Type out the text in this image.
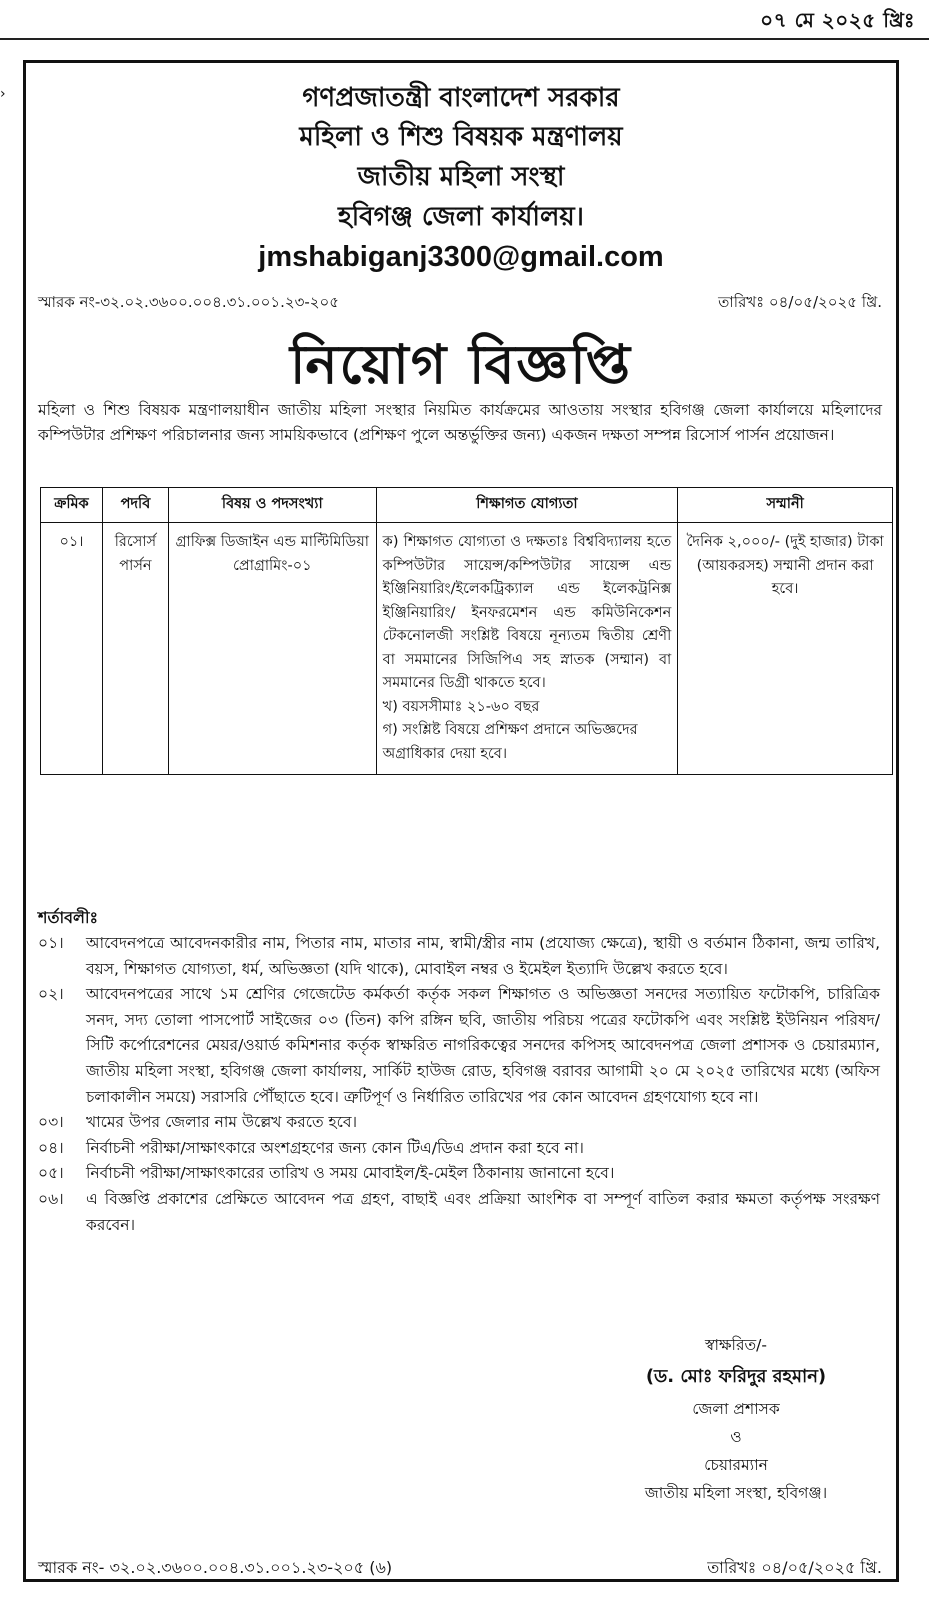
০৭ মে ২০২৫ খ্রিঃ
›	গণপ্রজাতন্ত্রী বাংলাদেশ সরকার
মহিলা ও শিশু বিষয়ক মন্ত্রণালয়
জাতীয় মহিলা সংস্থা
হবিগঞ্জ জেলা কার্যালয়।
jmshabiganj3300@gmail.com
স্মারক নং-৩২.০২.৩৬০০.০০৪.৩১.০০১.২৩-২০৫	তারিখঃ ০৪/০৫/২০২৫ খ্রি.
নিয়োগ বিজ্ঞপ্তি
মহিলা ও শিশু বিষয়ক মন্ত্রণালয়াধীন জাতীয় মহিলা সংস্থার নিয়মিত কার্যক্রমের আওতায় সংস্থার হবিগঞ্জ জেলা কার্যালয়ে মহিলাদের কম্পিউটার প্রশিক্ষণ পরিচালনার জন্য সাময়িকভাবে (প্রশিক্ষণ পুলে অন্তর্ভুক্তির জন্য) একজন দক্ষতা সম্পন্ন রিসোর্স পার্সন প্রয়োজন।
ক্রমিক	পদবি	বিষয় ও পদসংখ্যা	শিক্ষাগত যোগ্যতা	সম্মানী
০১।	রিসোর্স পার্সন	গ্রাফিক্স ডিজাইন এন্ড মাল্টিমিডিয়া প্রোগ্রামিং-০১	ক) শিক্ষাগত যোগ্যতা ও দক্ষতাঃ বিশ্ববিদ্যালয় হতে কম্পিউটার সায়েন্স/কম্পিউটার সায়েন্স এন্ড ইঞ্জিনিয়ারিং/ইলেকট্রিক্যাল এন্ড ইলেকট্রনিক্স ইঞ্জিনিয়ারিং/ ইনফরমেশন এন্ড কমিউনিকেশন টেকনোলজী সংশ্লিষ্ট বিষয়ে নূন্যতম দ্বিতীয় শ্রেণী বা সমমানের সিজিপিএ সহ স্নাতক (সম্মান) বা সমমানের ডিগ্রী থাকতে হবে।
খ) বয়সসীমাঃ ২১-৬০ বছর
গ) সংশ্লিষ্ট বিষয়ে প্রশিক্ষণ প্রদানে অভিজ্ঞদের অগ্রাধিকার দেয়া হবে।	দৈনিক ২,০০০/- (দুই হাজার) টাকা (আয়করসহ) সম্মানী প্রদান করা হবে।
শর্তাবলীঃ
০১।	আবেদনপত্রে আবেদনকারীর নাম, পিতার নাম, মাতার নাম, স্বামী/স্ত্রীর নাম (প্রযোজ্য ক্ষেত্রে), স্থায়ী ও বর্তমান ঠিকানা, জন্ম তারিখ, বয়স, শিক্ষাগত যোগ্যতা, ধর্ম, অভিজ্ঞতা (যদি থাকে), মোবাইল নম্বর ও ইমেইল ইত্যাদি উল্লেখ করতে হবে।
০২।	আবেদনপত্রের সাথে ১ম শ্রেণির গেজেটেড কর্মকর্তা কর্তৃক সকল শিক্ষাগত ও অভিজ্ঞতা সনদের সত্যায়িত ফটোকপি, চারিত্রিক সনদ, সদ্য তোলা পাসপোর্ট সাইজের ০৩ (তিন) কপি রঙ্গিন ছবি, জাতীয় পরিচয় পত্রের ফটোকপি এবং সংশ্লিষ্ট ইউনিয়ন পরিষদ/সিটি কর্পোরেশনের মেয়র/ওয়ার্ড কমিশনার কর্তৃক স্বাক্ষরিত নাগরিকত্বের সনদের কপিসহ আবেদনপত্র জেলা প্রশাসক ও চেয়ারম্যান, জাতীয় মহিলা সংস্থা, হবিগঞ্জ জেলা কার্যালয়, সার্কিট হাউজ রোড, হবিগঞ্জ বরাবর আগামী ২০ মে ২০২৫ তারিখের মধ্যে (অফিস চলাকালীন সময়ে) সরাসরি পৌঁছাতে হবে। ত্রুটিপূর্ণ ও নির্ধারিত তারিখের পর কোন আবেদন গ্রহণযোগ্য হবে না।
০৩।	খামের উপর জেলার নাম উল্লেখ করতে হবে।
০৪।	নির্বাচনী পরীক্ষা/সাক্ষাৎকারে অংশগ্রহণের জন্য কোন টিএ/ডিএ প্রদান করা হবে না।
০৫।	নির্বাচনী পরীক্ষা/সাক্ষাৎকারের তারিখ ও সময় মোবাইল/ই-মেইল ঠিকানায় জানানো হবে।
০৬।	এ বিজ্ঞপ্তি প্রকাশের প্রেক্ষিতে আবেদন পত্র গ্রহণ, বাছাই এবং প্রক্রিয়া আংশিক বা সম্পূর্ণ বাতিল করার ক্ষমতা কর্তৃপক্ষ সংরক্ষণ করবেন।
স্বাক্ষরিত/-
(ড. মোঃ ফরিদুর রহমান)
জেলা প্রশাসক
ও
চেয়ারম্যান
জাতীয় মহিলা সংস্থা, হবিগঞ্জ।
স্মারক নং- ৩২.০২.৩৬০০.০০৪.৩১.০০১.২৩-২০৫ (৬)	তারিখঃ ০৪/০৫/২০২৫ খ্রি.
